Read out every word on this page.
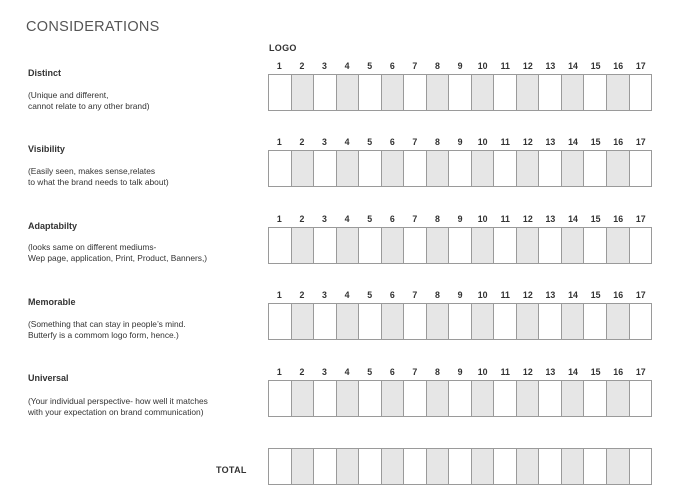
CONSIDERATIONS
LOGO
Distinct
(Unique and different,
cannot relate to any other brand)
1	2	3	4	5	6	7	8	9	10	11	12	13	14	15	16	17
Visibility
(Easily seen, makes sense,relates
to what the brand needs to talk about)
1	2	3	4	5	6	7	8	9	10	11	12	13	14	15	16	17
Adaptabilty
(looks same on different mediums-
Wep page, application, Print, Product, Banners,)
1	2	3	4	5	6	7	8	9	10	11	12	13	14	15	16	17
Memorable
(Something that can stay in people’s mind.
Butterfy is a commom logo form, hence.)
1	2	3	4	5	6	7	8	9	10	11	12	13	14	15	16	17
Universal
(Your individual perspective- how well it matches
with your expectation on brand communication)
1	2	3	4	5	6	7	8	9	10	11	12	13	14	15	16	17
TOTAL
